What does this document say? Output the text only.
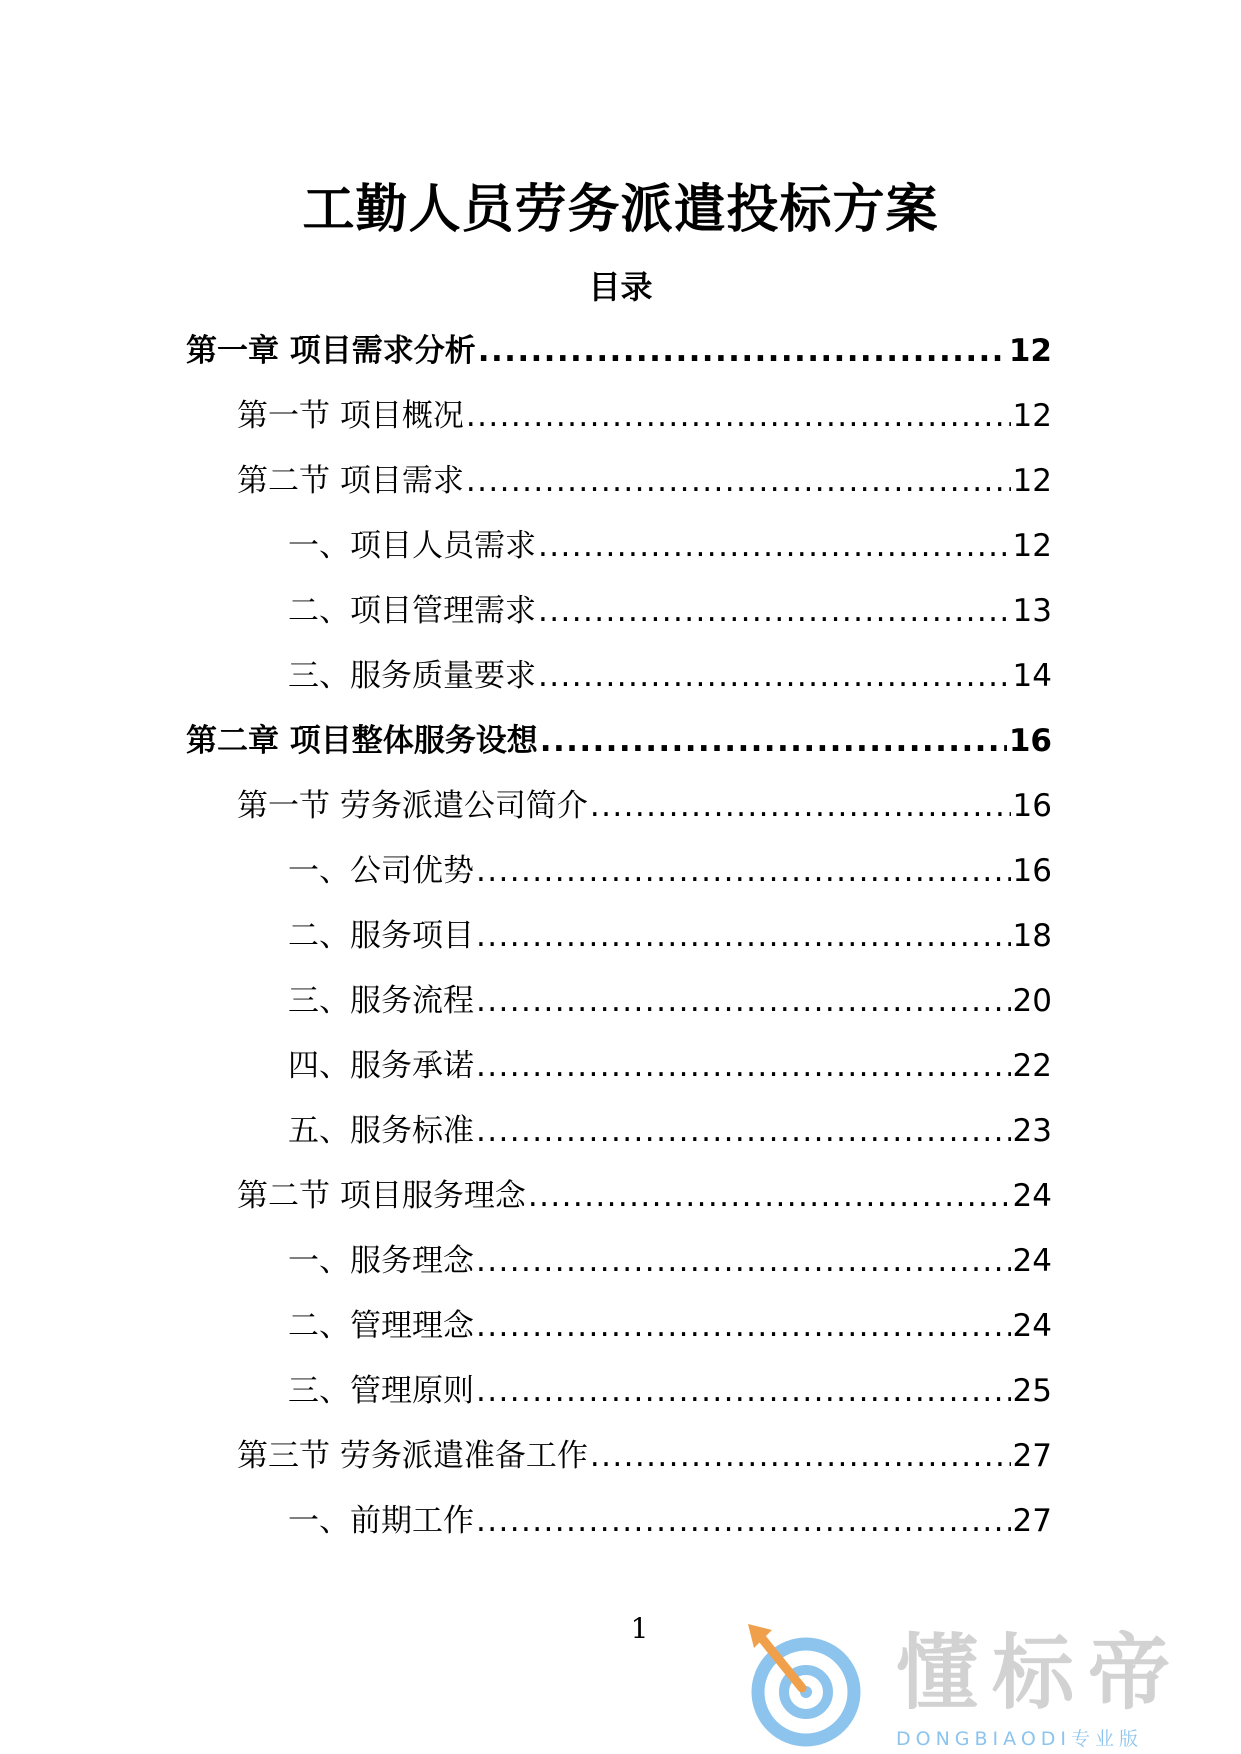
工勤人员劳务派遣投标方案
目录
第一章 项目需求分析 .....	12
第一节 项目概况 .....	12
第二节 项目需求 .....	12
一、项目人员需求 .....	12
二、项目管理需求 .....	13
三、服务质量要求 .....	14
第二章 项目整体服务设想 .....	16
第一节 劳务派遣公司简介 .....	16
一、公司优势 .....	16
二、服务项目 .....	18
三、服务流程 .....	20
四、服务承诺 .....	22
五、服务标准 .....	23
第二节 项目服务理念 .....	24
一、服务理念 .....	24
二、管理理念 .....	24
三、管理原则 .....	25
第三节 劳务派遣准备工作 .....	27
一、前期工作 .....	27
1	懂标帝
DONGBIAODI专业版
